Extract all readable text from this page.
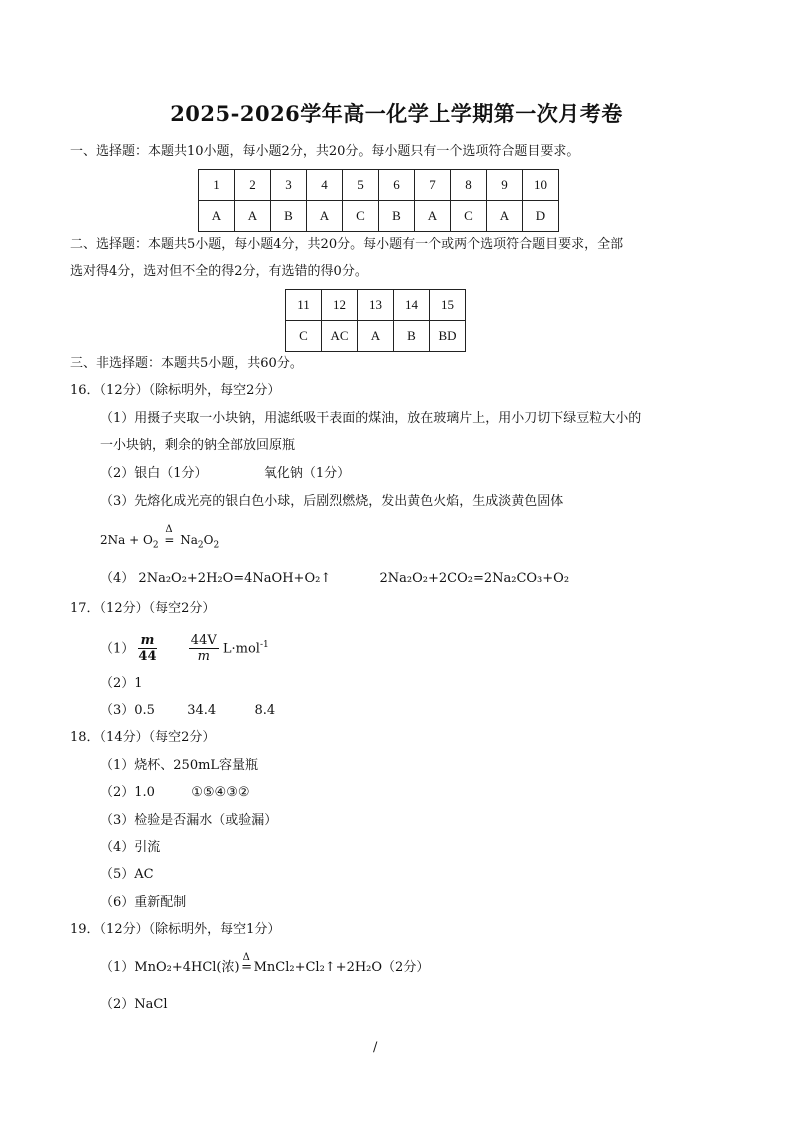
2025-2026学年高一化学上学期第一次月考卷
一、选择题：本题共10小题，每小题2分，共20分。每小题只有一个选项符合题目要求。
1	2	3	4	5	6	7	8	9	10
A	A	B	A	C	B	A	C	A	D
二、选择题：本题共5小题，每小题4分，共20分。每小题有一个或两个选项符合题目要求，全部
选对得4分，选对但不全的得2分，有选错的得0分。
11	12	13	14	15
C	AC	A	B	BD
三、非选择题：本题共5小题，共60分。
16．（12分）（除标明外，每空2分）
（1）用摄子夹取一小块钠，用滤纸吸干表面的煤油，放在玻璃片上，用小刀切下绿豆粒大小的
一小块钠，剩余的钠全部放回原瓶
（2）银白（1分）	氧化钠（1分）
（3）先熔化成光亮的银白色小球，后剧烈燃烧，发出黄色火焰，生成淡黄色固体
$2Na + O_2$
Δ
= $Na_2O_2$
（4） 2Na₂O₂+2H₂O=4NaOH+O₂↑	2Na₂O₂+2CO₂=2Na₂CO₃+O₂
17．（12分）（每空2分）
$(1) \frac{m}{44}$
$\frac{44V}{m} L\cdot mol^{-1}$
（2）1
（3）0.5 34.4	8.4
18．（14分）（每空2分）
（1）烧杯、250mL容量瓶
（2）1.0	①⑤④③②
（3）检验是否漏水（或验漏）
（4）引流
（5）AC
（6）重新配制
19．（12分）（除标明外，每空1分）
（1）MnO₂+4HCl(浓)
Δ
= MnCl₂+Cl₂↑+2H₂O（2分）
（2）NaCl
/
